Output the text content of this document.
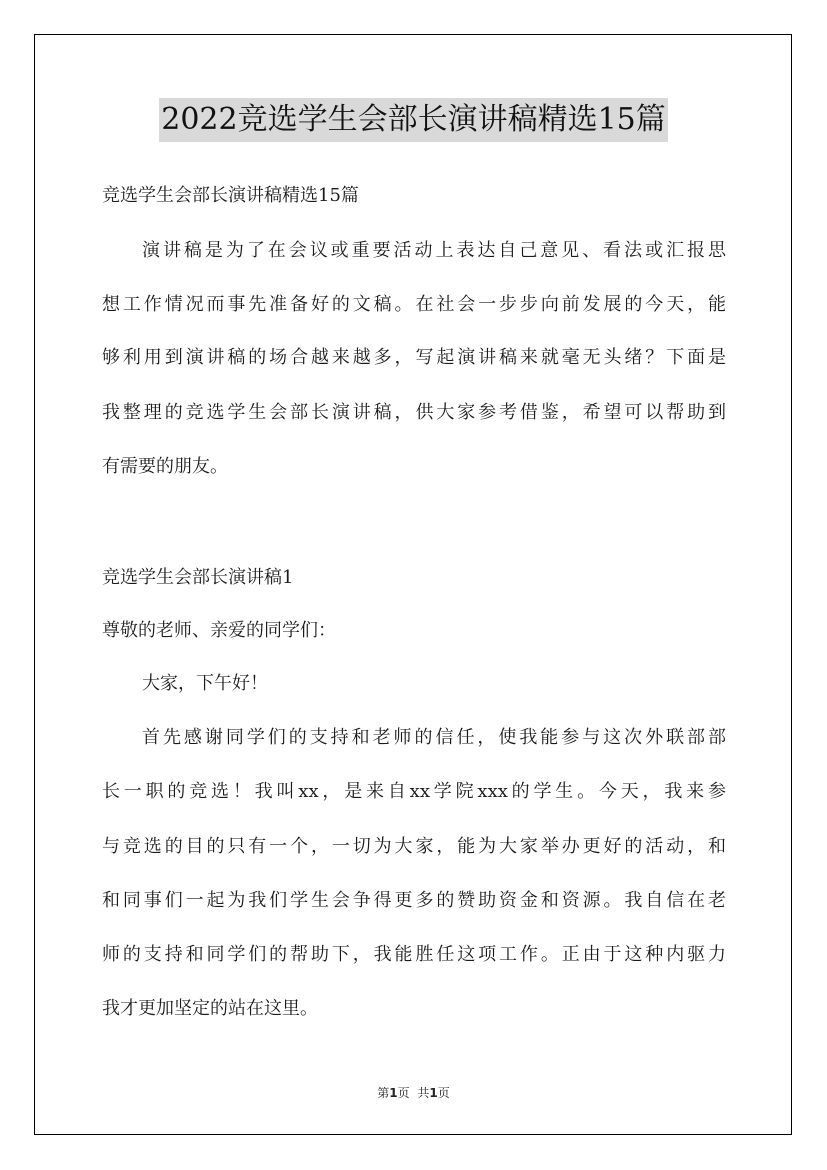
2022竞选学生会部长演讲稿精选15篇
竞选学生会部长演讲稿精选15篇
演讲稿是为了在会议或重要活动上表达自己意见、看法或汇报思
想工作情况而事先准备好的文稿。在社会一步步向前发展的今天，能
够利用到演讲稿的场合越来越多，写起演讲稿来就毫无头绪？下面是
我整理的竞选学生会部长演讲稿，供大家参考借鉴，希望可以帮助到
有需要的朋友。
竞选学生会部长演讲稿1
尊敬的老师、亲爱的同学们：
大家，下午好！
首先感谢同学们的支持和老师的信任，使我能参与这次外联部部
长一职的竞选！我叫xx，是来自xx学院xxx的学生。今天，我来参
与竞选的目的只有一个，一切为大家，能为大家举办更好的活动，和
和同事们一起为我们学生会争得更多的赞助资金和资源。我自信在老
师的支持和同学们的帮助下，我能胜任这项工作。正由于这种内驱力
我才更加坚定的站在这里。
第1页 共1页
